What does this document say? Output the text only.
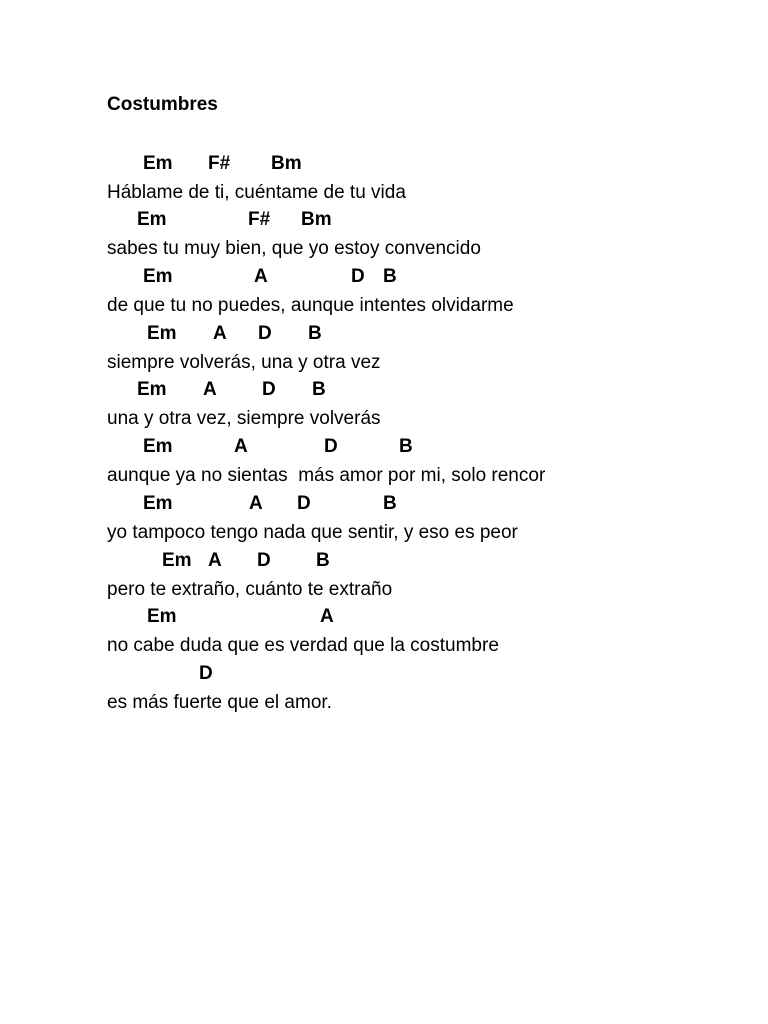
Costumbres
Em F# Bm
Háblame de ti, cuéntame de tu vida
Em	F# Bm
sabes tu muy bien, que yo estoy convencido
Em	A	D B
de que tu no puedes, aunque intentes olvidarme
Em A D B
siempre volverás, una y otra vez
Em A D B
una y otra vez, siempre volverás
Em	A	D	B
aunque ya no sientas  más amor por mi, solo rencor
Em	A D	B
yo tampoco tengo nada que sentir, y eso es peor
Em A D B
pero te extraño, cuánto te extraño
Em	A
no cabe duda que es verdad que la costumbre
D
es más fuerte que el amor.
